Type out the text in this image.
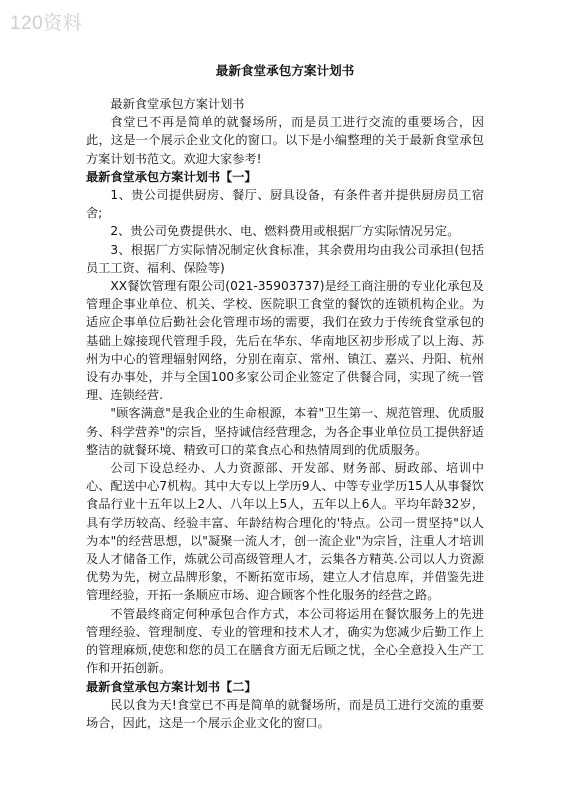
120资料
最新食堂承包方案计划书

最新食堂承包方案计划书

食堂已不再是简单的就餐场所，而是员工进行交流的重要场合，因此，这是一个展示企业文化的窗口。以下是小编整理的关于最新食堂承包方案计划书范文。欢迎大家参考!

最新食堂承包方案计划书【一】

1、贵公司提供厨房、餐厅、厨具设备，有条件者并提供厨房员工宿舍;

2、贵公司免费提供水、电、燃料费用或根据厂方实际情况另定。

3、根据厂方实际情况制定伙食标准，其余费用均由我公司承担(包括员工工资、福利、保险等)

XX餐饮管理有限公司(021-35903737)是经工商注册的专业化承包及管理企事业单位、机关、学校、医院职工食堂的餐饮的连锁机构企业。为适应企事单位后勤社会化管理市场的需要，我们在致力于传统食堂承包的基础上嫁接现代管理手段，先后在华东、华南地区初步形成了以上海、苏州为中心的管理辐射网络，分别在南京、常州、镇江、嘉兴、丹阳、杭州设有办事处，并与全国100多家公司企业签定了供餐合同，实现了统一管理、连锁经营.

"顾客满意"是我企业的生命根源，本着"卫生第一、规范管理、优质服务、科学营养"的宗旨，坚持诚信经营理念，为各企事业单位员工提供舒适整洁的就餐环境、精致可口的菜食点心和热情周到的优质服务。

公司下设总经办、人力资源部、开发部、财务部、厨政部、培训中心、配送中心7机构。其中大专以上学历9人、中等专业学历15人从事餐饮食品行业十五年以上2人、八年以上5人，五年以上6人。平均年龄32岁，具有学历较高、经验丰富、年龄结构合理化的'特点。公司一贯坚持"以人为本"的经营思想，以"凝聚一流人才，创一流企业"为宗旨，注重人才培训及人才储备工作，炼就公司高级管理人才，云集各方精英.公司以人力资源优势为先，树立品牌形象，不断拓宽市场，建立人才信息库，并借鉴先进管理经验，开拓一条顺应市场、迎合顾客个性化服务的经营之路。

不管最终商定何种承包合作方式，本公司将运用在餐饮服务上的先进管理经验、管理制度、专业的管理和技术人才，确实为您减少后勤工作上的管理麻烦,使您和您的员工在膳食方面无后顾之忧，全心全意投入生产工作和开拓创新。

最新食堂承包方案计划书【二】

民以食为天!食堂已不再是简单的就餐场所，而是员工进行交流的重要场合，因此，这是一个展示企业文化的窗口。
